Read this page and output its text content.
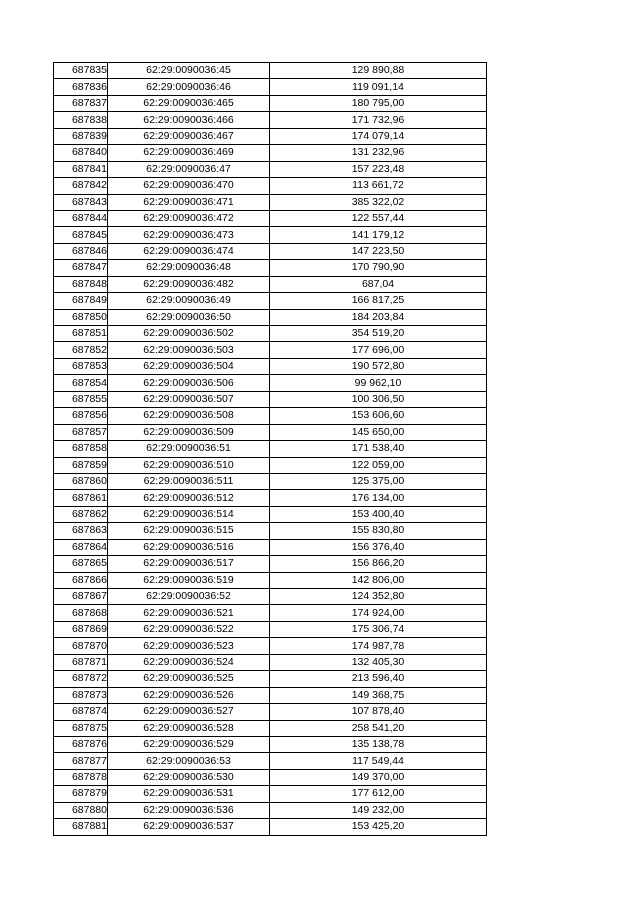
687835	62:29:0090036:45	129 890,88
687836	62:29:0090036:46	119 091,14
687837	62:29:0090036:465	180 795,00
687838	62:29:0090036:466	171 732,96
687839	62:29:0090036:467	174 079,14
687840	62:29:0090036:469	131 232,96
687841	62:29:0090036:47	157 223,48
687842	62:29:0090036:470	113 661,72
687843	62:29:0090036:471	385 322,02
687844	62:29:0090036:472	122 557,44
687845	62:29:0090036:473	141 179,12
687846	62:29:0090036:474	147 223,50
687847	62:29:0090036:48	170 790,90
687848	62:29:0090036:482	687,04
687849	62:29:0090036:49	166 817,25
687850	62:29:0090036:50	184 203,84
687851	62:29:0090036:502	354 519,20
687852	62:29:0090036:503	177 696,00
687853	62:29:0090036:504	190 572,80
687854	62:29:0090036:506	99 962,10
687855	62:29:0090036:507	100 306,50
687856	62:29:0090036:508	153 606,60
687857	62:29:0090036:509	145 650,00
687858	62:29:0090036:51	171 538,40
687859	62:29:0090036:510	122 059,00
687860	62:29:0090036:511	125 375,00
687861	62:29:0090036:512	176 134,00
687862	62:29:0090036:514	153 400,40
687863	62:29:0090036:515	155 830,80
687864	62:29:0090036:516	156 376,40
687865	62:29:0090036:517	156 866,20
687866	62:29:0090036:519	142 806,00
687867	62:29:0090036:52	124 352,80
687868	62:29:0090036:521	174 924,00
687869	62:29:0090036:522	175 306,74
687870	62:29:0090036:523	174 987,78
687871	62:29:0090036:524	132 405,30
687872	62:29:0090036:525	213 596,40
687873	62:29:0090036:526	149 368,75
687874	62:29:0090036:527	107 878,40
687875	62:29:0090036:528	258 541,20
687876	62:29:0090036:529	135 138,78
687877	62:29:0090036:53	117 549,44
687878	62:29:0090036:530	149 370,00
687879	62:29:0090036:531	177 612,00
687880	62:29:0090036:536	149 232,00
687881	62:29:0090036:537	153 425,20
